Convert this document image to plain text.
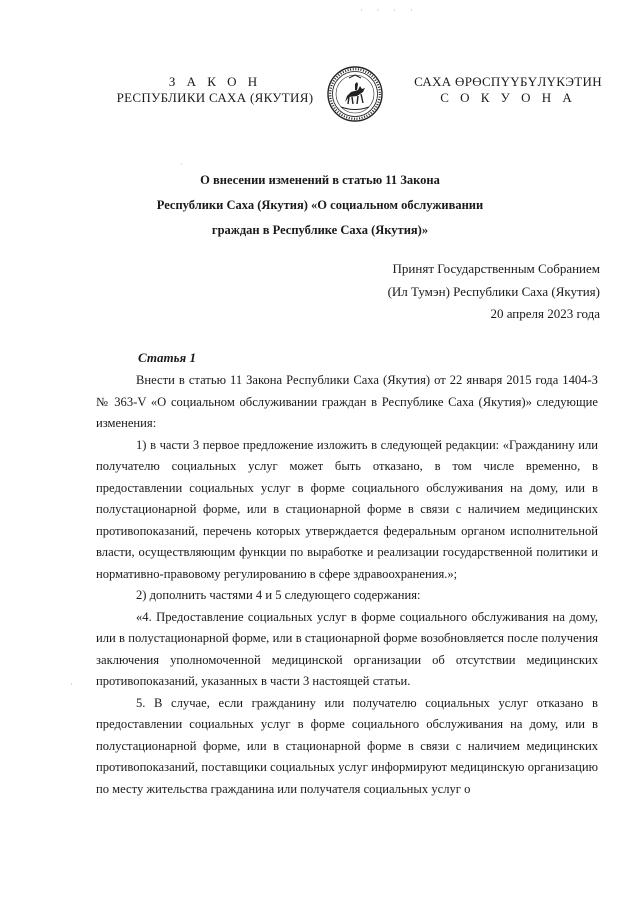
· · · ·
·
·
З А К О Н
РЕСПУБЛИКИ САХА (ЯКУТИЯ)
САХА ӨРӨСПҮҮБҮЛҮКЭТИН
С О К У О Н А
О внесении изменений в статью 11 Закона
Республики Саха (Якутия) «О социальном обслуживании
граждан в Республике Саха (Якутия)»
Принят Государственным Собранием
(Ил Тумэн) Республики Саха (Якутия)
20 апреля 2023 года
Статья 1

Внести в статью 11 Закона Республики Саха (Якутия) от 22 января 2015 года 1404-З № 363-V «О социальном обслуживании граждан в Республике Саха (Якутия)» следующие изменения:

1) в части 3 первое предложение изложить в следующей редакции: «Гражданину или получателю социальных услуг может быть отказано, в том числе временно, в предоставлении социальных услуг в форме социального обслуживания на дому, или в полустационарной форме, или в стационарной форме в связи с наличием медицинских противопоказаний, перечень которых утверждается федеральным органом исполнительной власти, осуществляющим функции по выработке и реализации государственной политики и нормативно-правовому регулированию в сфере здравоохранения.»;

2) дополнить частями 4 и 5 следующего содержания:

«4. Предоставление социальных услуг в форме социального обслуживания на дому, или в полустационарной форме, или в стационарной форме возобновляется после получения заключения уполномоченной медицинской организации об отсутствии медицинских противопоказаний, указанных в части 3 настоящей статьи.

5. В случае, если гражданину или получателю социальных услуг отказано в предоставлении социальных услуг в форме социального обслуживания на дому, или в полустационарной форме, или в стационарной форме в связи с наличием медицинских противопоказаний, поставщики социальных услуг информируют медицинскую организацию по месту жительства гражданина или получателя социальных услуг о
